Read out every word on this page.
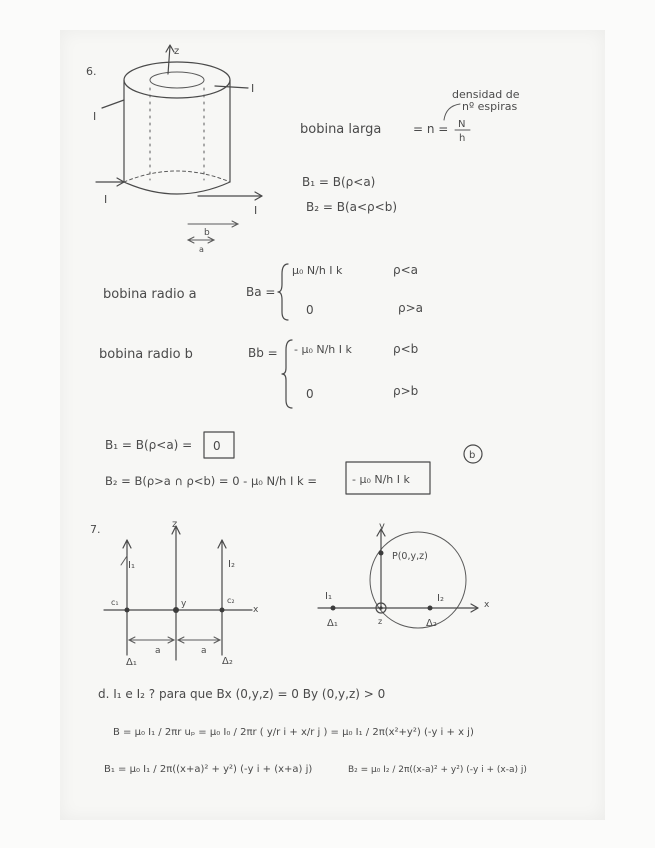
6.
z
I
I
I
I
b
a
densidad de
nº espiras
bobina larga	= n = N
h
B₁ = B(ρ<a)
B₂ = B(a<ρ<b)
bobina radio a	Ba =
μ₀ N/h I k	ρ<a
0	ρ>a
bobina radio b	Bb = - μ₀ N/h I k	ρ<b
0	ρ>b
B₁ = B(ρ<a) = 0
B₂ = B(ρ>a ∩ ρ<b) = 0 - μ₀ N/h I k =	- μ₀ N/h I k
b
7.
x
z
I₁	I₂
c₁	y	c₂
a	a
Δ₁	Δ₂
x
y
P(0,y,z)
z
I₁	I₂
Δ₁	Δ₂
d. I₁ e I₂ ? para que Bx (0,y,z) = 0 By (0,y,z) > 0
B = μ₀ I₁ / 2πr uₚ = μ₀ I₀ / 2πr ( y/r i + x/r j ) = μ₀ I₁ / 2π(x²+y²) (-y i + x j)
B₁ = μ₀ I₁ / 2π((x+a)² + y²) (-y i + (x+a) j)	B₂ = μ₀ I₂ / 2π((x-a)² + y²) (-y i + (x-a) j)
